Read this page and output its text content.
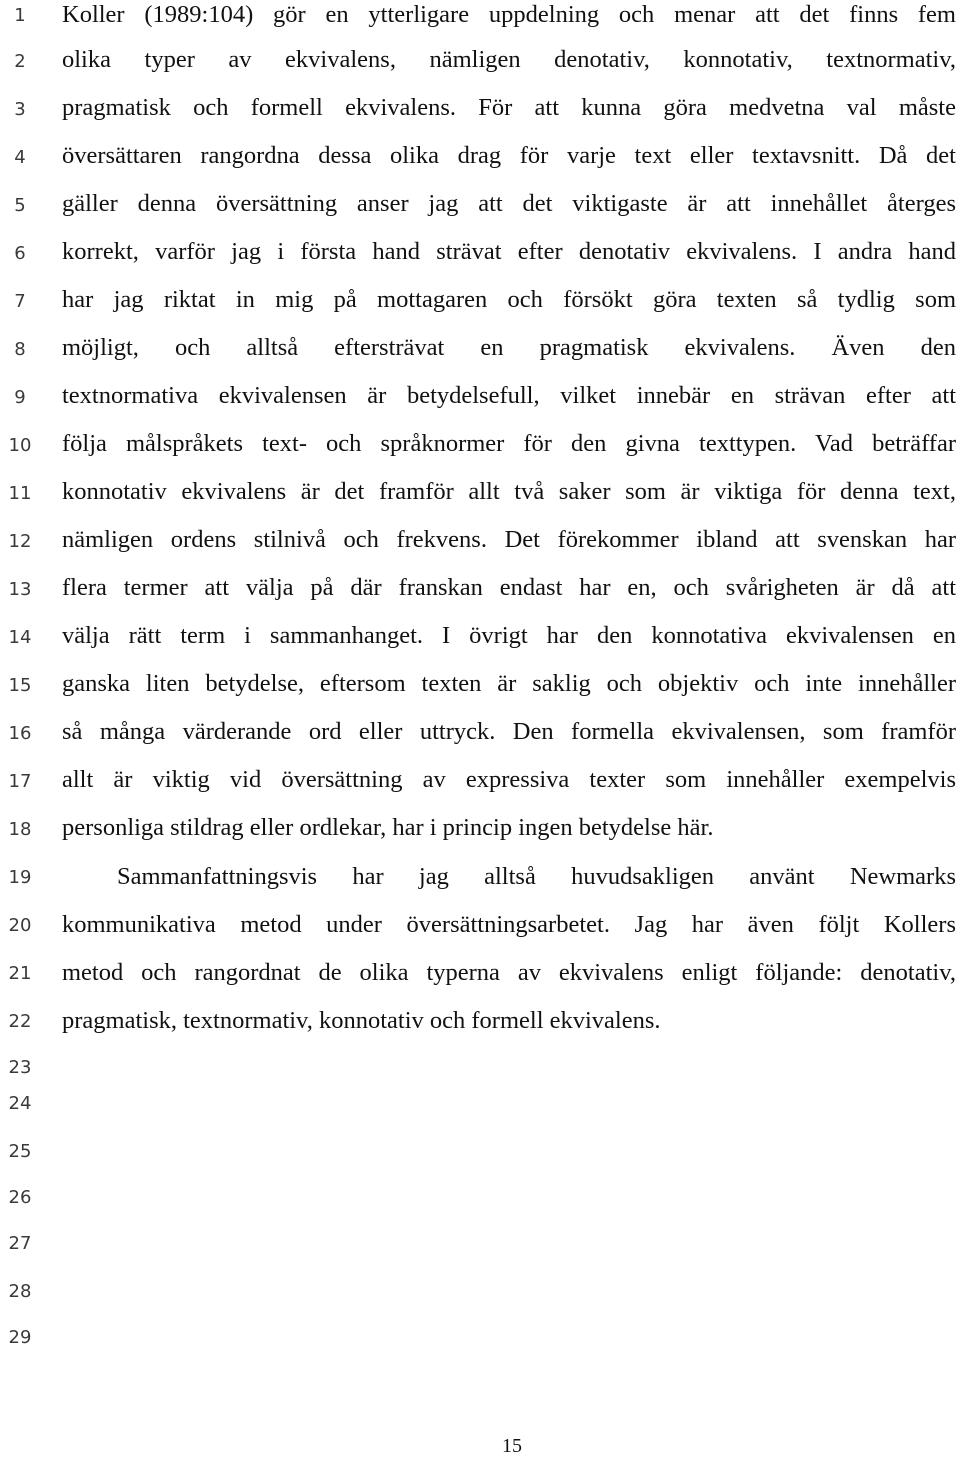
1
2
3
4
5
6
7
8
9
10
11
12
13
14
15
16
17
18
19
20
21
22
23
24
25
26
27
28
29
Koller (1989:104) gör en ytterligare uppdelning och menar att det finns fem
olika typer av ekvivalens, nämligen denotativ, konnotativ, textnormativ,
pragmatisk och formell ekvivalens. För att kunna göra medvetna val måste
översättaren rangordna dessa olika drag för varje text eller textavsnitt. Då det
gäller denna översättning anser jag att det viktigaste är att innehållet återges
korrekt, varför jag i första hand strävat efter denotativ ekvivalens. I andra hand
har jag riktat in mig på mottagaren och försökt göra texten så tydlig som
möjligt, och alltså eftersträvat en pragmatisk ekvivalens. Även den
textnormativa ekvivalensen är betydelsefull, vilket innebär en strävan efter att
följa målspråkets text- och språknormer för den givna texttypen. Vad beträffar
konnotativ ekvivalens är det framför allt två saker som är viktiga för denna text,
nämligen ordens stilnivå och frekvens. Det förekommer ibland att svenskan har
flera termer att välja på där franskan endast har en, och svårigheten är då att
välja rätt term i sammanhanget. I övrigt har den konnotativa ekvivalensen en
ganska liten betydelse, eftersom texten är saklig och objektiv och inte innehåller
så många värderande ord eller uttryck. Den formella ekvivalensen, som framför
allt är viktig vid översättning av expressiva texter som innehåller exempelvis
personliga stildrag eller ordlekar, har i princip ingen betydelse här.
Sammanfattningsvis har jag alltså huvudsakligen använt Newmarks
kommunikativa metod under översättningsarbetet. Jag har även följt Kollers
metod och rangordnat de olika typerna av ekvivalens enligt följande: denotativ,
pragmatisk, textnormativ, konnotativ och formell ekvivalens.
15
